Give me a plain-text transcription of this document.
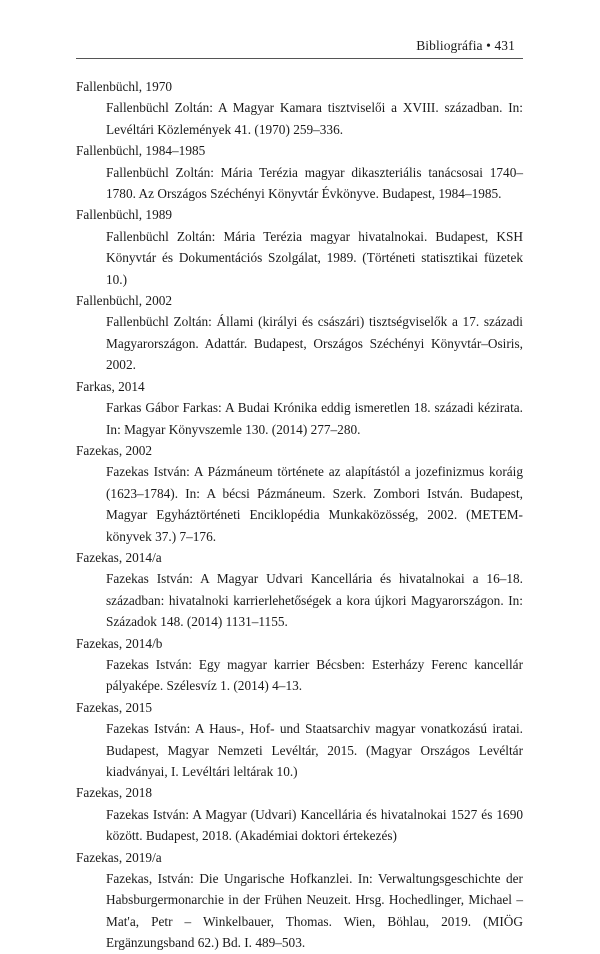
Bibliográfia • 431
Fallenbüchl, 1970
Fallenbüchl Zoltán: A Magyar Kamara tisztviselői a XVIII. században. In: Levéltári Közlemények 41. (1970) 259–336.
Fallenbüchl, 1984–1985
Fallenbüchl Zoltán: Mária Terézia magyar dikaszteriális tanácsosai 1740–1780. Az Országos Széchényi Könyvtár Évkönyve. Budapest, 1984–1985.
Fallenbüchl, 1989
Fallenbüchl Zoltán: Mária Terézia magyar hivatalnokai. Budapest, KSH Könyvtár és Dokumentációs Szolgálat, 1989. (Történeti statisztikai füzetek 10.)
Fallenbüchl, 2002
Fallenbüchl Zoltán: Állami (királyi és császári) tisztségviselők a 17. századi Magyarországon. Adattár. Budapest, Országos Széchényi Könyvtár–Osiris, 2002.
Farkas, 2014
Farkas Gábor Farkas: A Budai Krónika eddig ismeretlen 18. századi kézirata. In: Magyar Könyvszemle 130. (2014) 277–280.
Fazekas, 2002
Fazekas István: A Pázmáneum története az alapítástól a jozefinizmus koráig (1623–1784). In: A bécsi Pázmáneum. Szerk. Zombori István. Budapest, Magyar Egyháztörténeti Enciklopédia Munkaközösség, 2002. (METEM-könyvek 37.) 7–176.
Fazekas, 2014/a
Fazekas István: A Magyar Udvari Kancellária és hivatalnokai a 16–18. században: hivatalnoki karrierlehetőségek a kora újkori Magyarországon. In: Századok 148. (2014) 1131–1155.
Fazekas, 2014/b
Fazekas István: Egy magyar karrier Bécsben: Esterházy Ferenc kancellár pályaképe. Szélesvíz 1. (2014) 4–13.
Fazekas, 2015
Fazekas István: A Haus-, Hof- und Staatsarchiv magyar vonatkozású iratai. Budapest, Magyar Nemzeti Levéltár, 2015. (Magyar Országos Levéltár kiadványai, I. Levéltári leltárak 10.)
Fazekas, 2018
Fazekas István: A Magyar (Udvari) Kancellária és hivatalnokai 1527 és 1690 között. Budapest, 2018. (Akadémiai doktori értekezés)
Fazekas, 2019/a
Fazekas, István: Die Ungarische Hofkanzlei. In: Verwaltungsgeschichte der Habsburgermonarchie in der Frühen Neuzeit. Hrsg. Hochedlinger, Michael – Mat'a, Petr – Winkelbauer, Thomas. Wien, Böhlau, 2019. (MIÖG Ergänzungsband 62.) Bd. I. 489–503.
